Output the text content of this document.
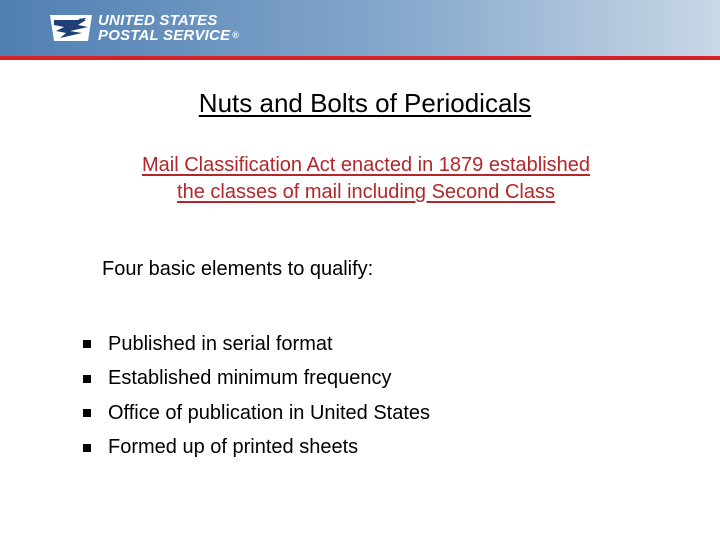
UNITED STATES
POSTAL SERVICE ®
Nuts and Bolts of Periodicals
Mail Classification Act enacted in 1879 established
the classes of mail including Second Class
Four basic elements to qualify:
Published in serial format
Established minimum frequency
Office of publication in United States
Formed up of printed sheets
